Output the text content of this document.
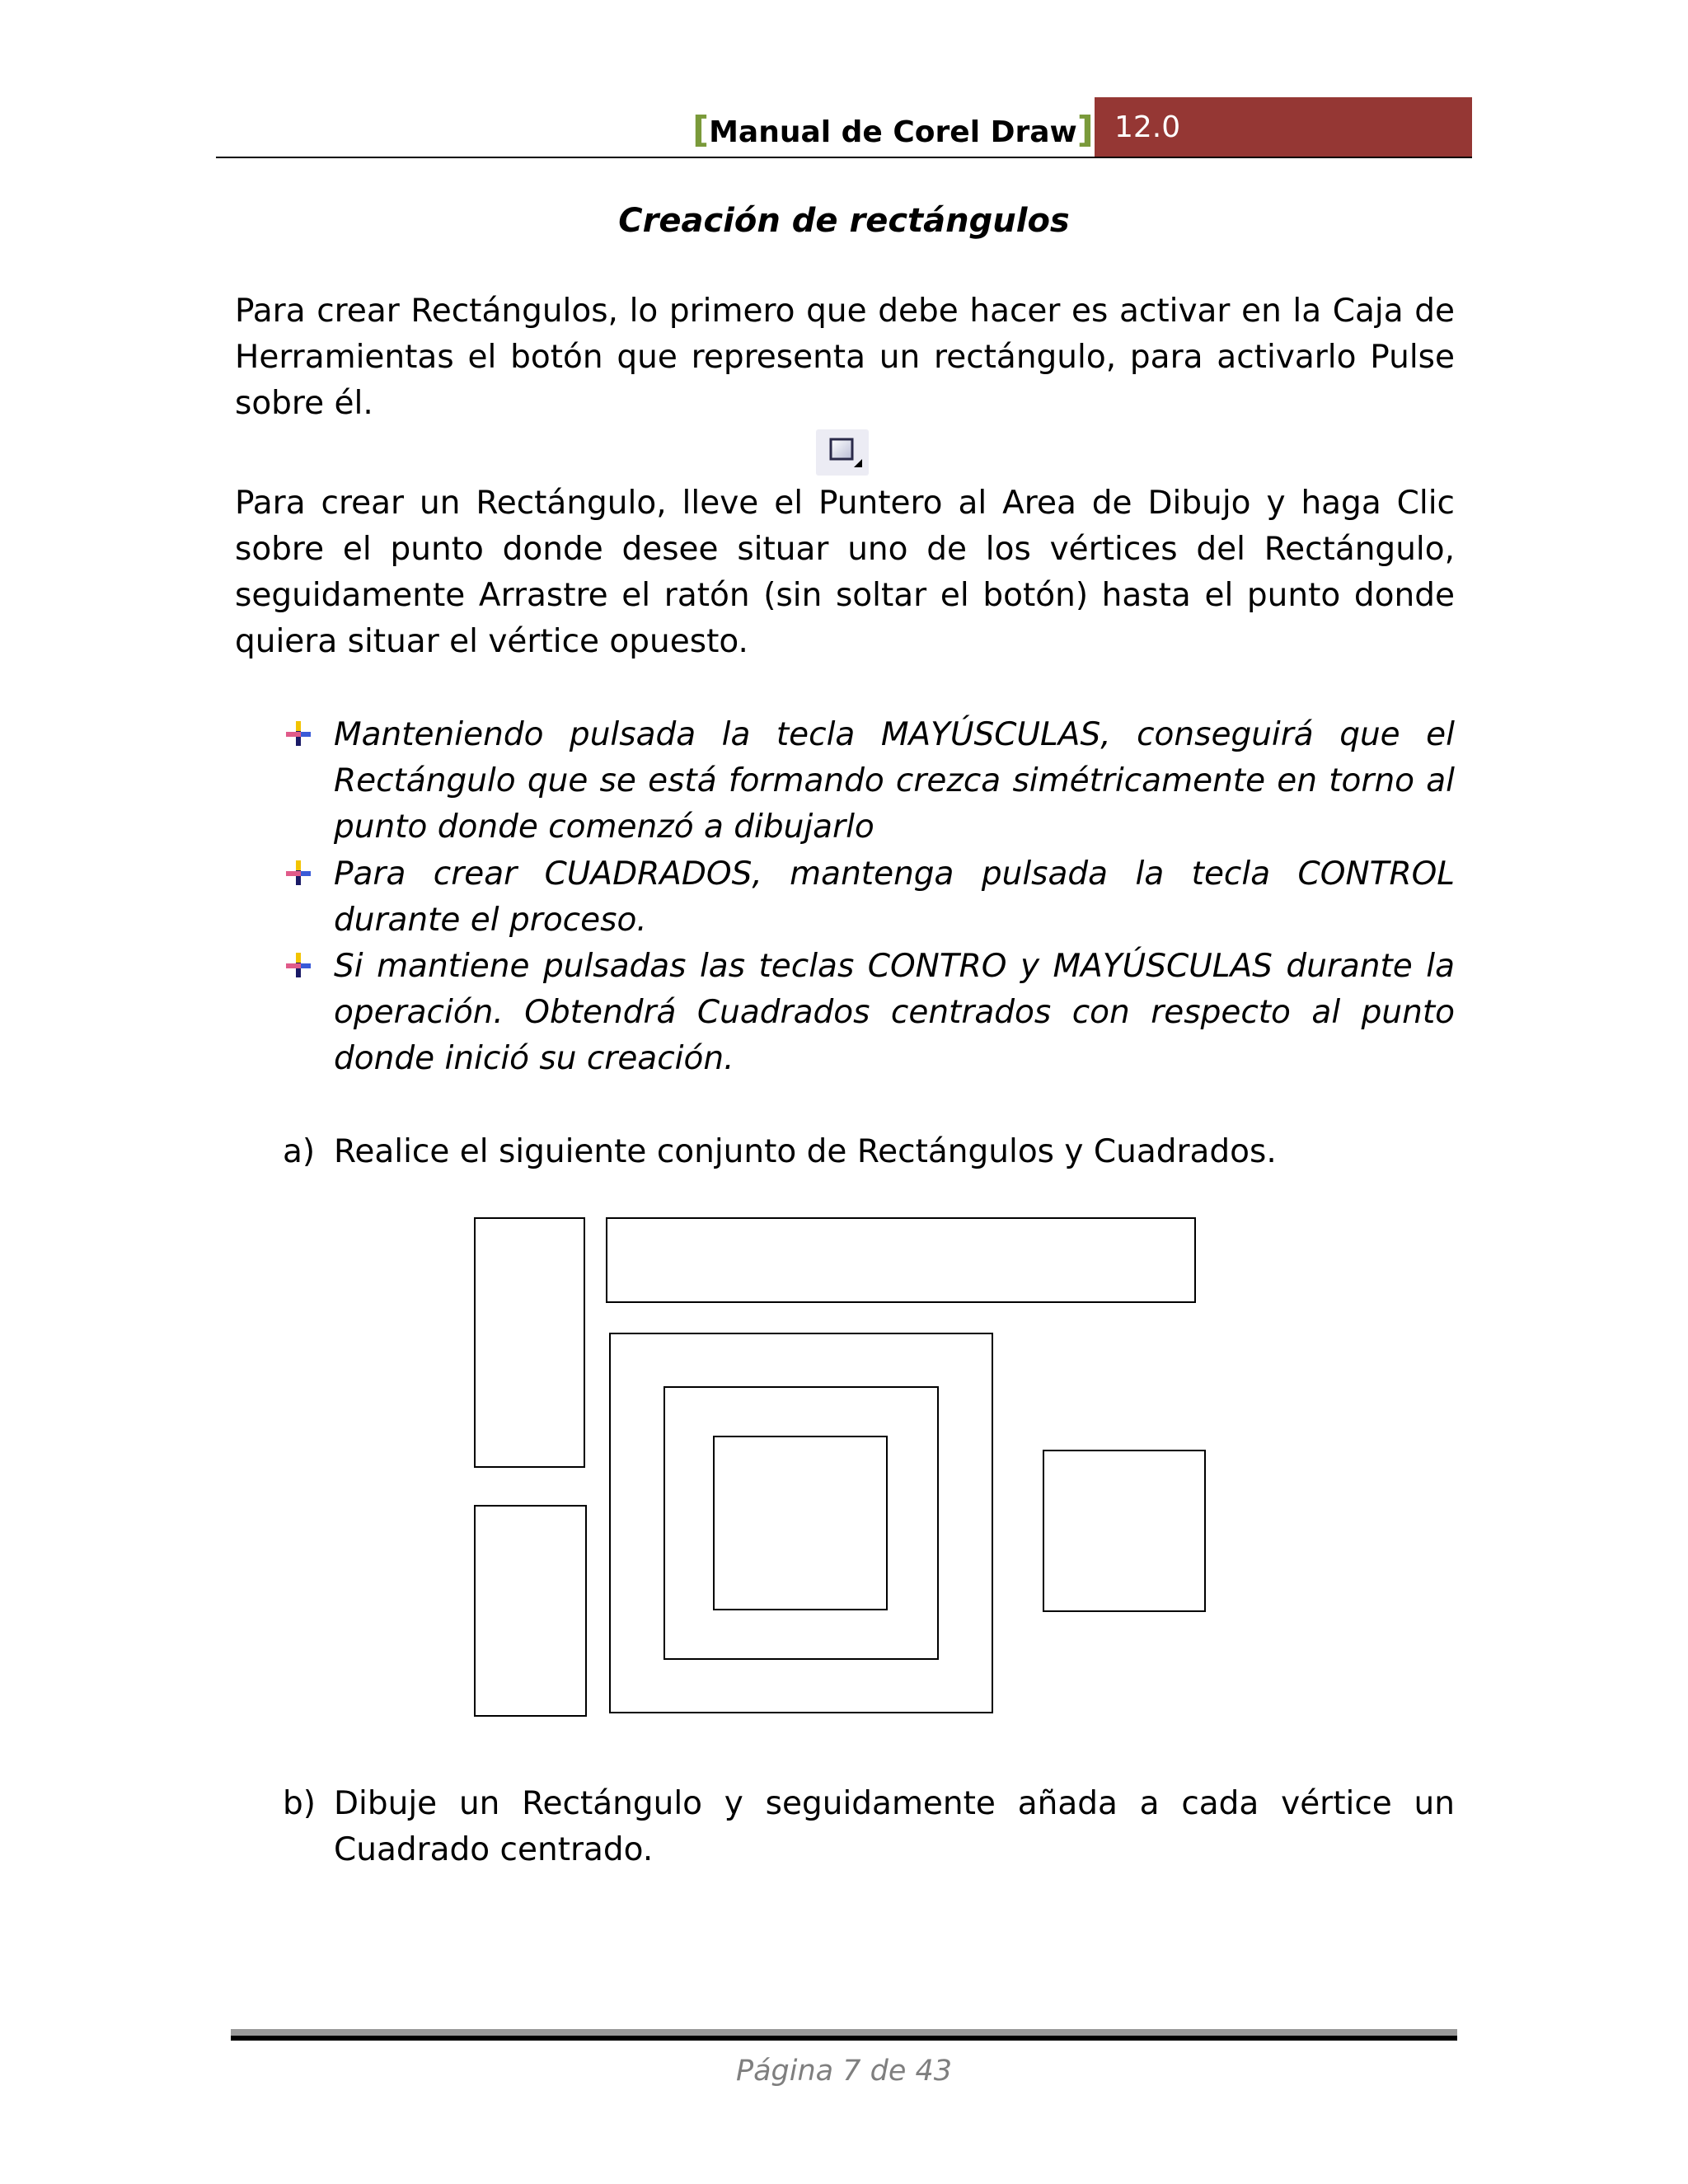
[Manual de Corel Draw] 12.0
Creación de rectángulos
Para crear Rectángulos, lo primero que debe hacer es activar en la Caja de Herramientas el botón que representa un rectángulo, para activarlo Pulse sobre él.
Para crear un Rectángulo, lleve el Puntero al Area de Dibujo y haga Clic sobre el punto donde desee situar uno de los vértices del Rectángulo, seguidamente Arrastre el ratón (sin soltar el botón) hasta el punto donde quiera situar el vértice opuesto.
Manteniendo pulsada la tecla MAYÚSCULAS, conseguirá que el Rectángulo que se está formando crezca simétricamente en torno al punto donde comenzó a dibujarlo
Para crear CUADRADOS, mantenga pulsada la tecla CONTROL durante el proceso.
Si mantiene pulsadas las teclas CONTRO y MAYÚSCULAS durante la operación. Obtendrá Cuadrados centrados con respecto al punto donde inició su creación.
a) Realice el siguiente conjunto de Rectángulos y Cuadrados.
b) Dibuje un Rectángulo y seguidamente añada a cada vértice un Cuadrado centrado.
Página 7 de 43
